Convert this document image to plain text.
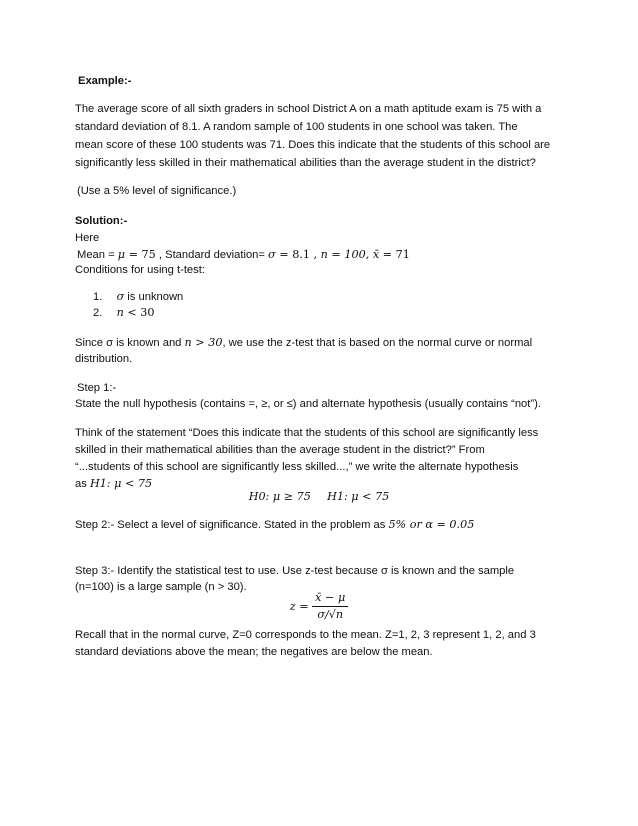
Example:-
The average score of all sixth graders in school District A on a math aptitude exam is 75 with a
standard deviation of 8.1. A random sample of 100 students in one school was taken. The
mean score of these 100 students was 71. Does this indicate that the students of this school are
significantly less skilled in their mathematical abilities than the average student in the district?
(Use a 5% level of significance.)
Solution:-
Here
Mean = μ = 75 , Standard deviation= σ = 8.1 , n = 100, x̄ = 71
Conditions for using t-test:
1. σ is unknown
2. n < 30
Since σ is known and n > 30, we use the z-test that is based on the normal curve or normal
distribution.
Step 1:-
State the null hypothesis (contains =, ≥, or ≤) and alternate hypothesis (usually contains “not”).
Think of the statement “Does this indicate that the students of this school are significantly less
skilled in their mathematical abilities than the average student in the district?” From
“...students of this school are significantly less skilled...,” we write the alternate hypothesis
as H1: μ < 75
H0: μ ≥ 75 H1: μ < 75
Step 2:- Select a level of significance. Stated in the problem as 5% or α = 0.05
Step 3:- Identify the statistical test to use. Use z-test because σ is known and the sample
(n=100) is a large sample (n > 30).
$z = \frac{x̄ - \mu}{\sigma/√n}$
Recall that in the normal curve, Z=0 corresponds to the mean. Z=1, 2, 3 represent 1, 2, and 3
standard deviations above the mean; the negatives are below the mean.
